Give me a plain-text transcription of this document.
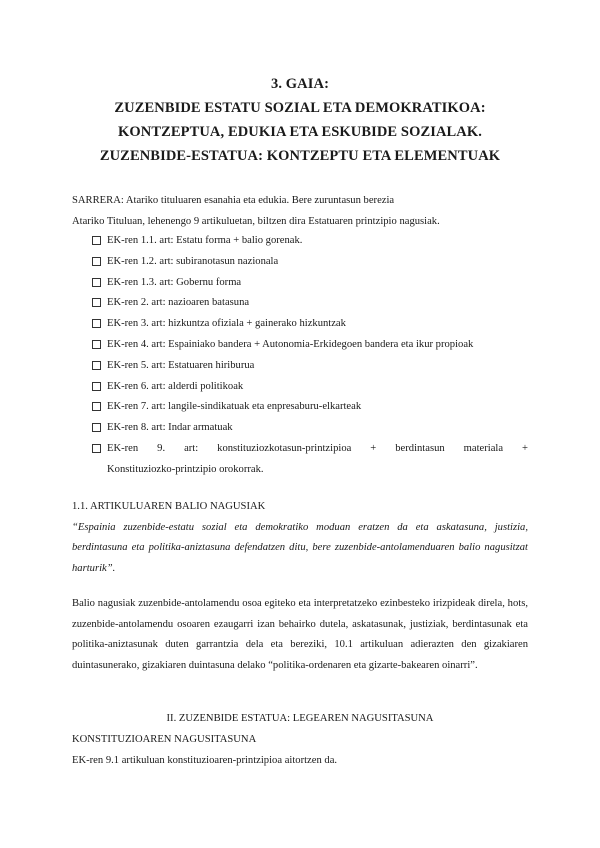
3. GAIA:
ZUZENBIDE ESTATU SOZIAL ETA DEMOKRATIKOA:
KONTZEPTUA, EDUKIA ETA ESKUBIDE SOZIALAK.
ZUZENBIDE-ESTATUA: KONTZEPTU ETA ELEMENTUAK
SARRERA: Atariko tituluaren esanahia eta edukia. Bere zuruntasun berezia
Atariko Tituluan, lehenengo 9 artikuluetan, biltzen dira Estatuaren printzipio nagusiak.
EK-ren 1.1. art: Estatu forma + balio gorenak.
EK-ren 1.2. art: subiranotasun nazionala
EK-ren 1.3. art: Gobernu forma
EK-ren 2. art: nazioaren batasuna
EK-ren 3. art: hizkuntza ofiziala + gainerako hizkuntzak
EK-ren 4. art: Espainiako bandera + Autonomia-Erkidegoen bandera eta ikur propioak
EK-ren 5. art: Estatuaren hiriburua
EK-ren 6. art: alderdi politikoak
EK-ren 7. art: langile-sindikatuak eta enpresaburu-elkarteak
EK-ren 8. art: Indar armatuak
EK-ren 9. art: konstituziozkotasun-printzipioa + berdintasun materiala +
Konstituziozko-printzipio orokorrak.
1.1. ARTIKULUAREN BALIO NAGUSIAK
“Espainia zuzenbide-estatu sozial eta demokratiko moduan eratzen da eta askatasuna, justizia, berdintasuna eta politika-aniztasuna defendatzen ditu, bere zuzenbide-antolamenduaren balio nagusitzat harturik”.
Balio nagusiak zuzenbide-antolamendu osoa egiteko eta interpretatzeko ezinbesteko irizpideak direla, hots, zuzenbide-antolamendu osoaren ezaugarri izan behairko dutela, askatasunak, justiziak, berdintasunak eta politika-aniztasunak duten garrantzia dela eta bereziki, 10.1 artikuluan adierazten den gizakiaren duintasunerako, gizakiaren duintasuna delako “politika-ordenaren eta gizarte-bakearen oinarri”.
II. ZUZENBIDE ESTATUA: LEGEAREN NAGUSITASUNA
KONSTITUZIOAREN NAGUSITASUNA
EK-ren 9.1 artikuluan konstituzioaren-printzipioa aitortzen da.
